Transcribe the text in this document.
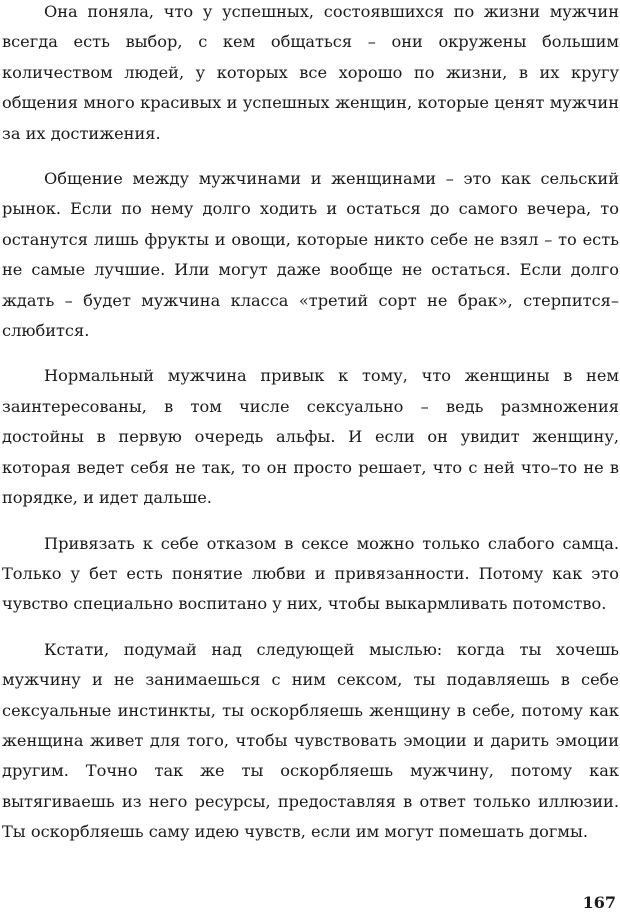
Она поняла, что у успешных, состоявшихся по жизни мужчин всегда есть выбор, с кем общаться – они окружены большим количеством людей, у которых все хорошо по жизни, в их кругу общения много красивых и успешных женщин, которые ценят мужчин за их достижения.

Общение между мужчинами и женщинами – это как сельский рынок. Если по нему долго ходить и остаться до самого вечера, то останутся лишь фрукты и овощи, которые никто себе не взял – то есть не самые лучшие. Или могут даже вообще не остаться. Если долго ждать – будет мужчина класса «третий сорт не брак», стерпится–слюбится.

Нормальный мужчина привык к тому, что женщины в нем заинтересованы, в том числе сексуально – ведь размножения достойны в первую очередь альфы. И если он увидит женщину, которая ведет себя не так, то он просто решает, что с ней что–то не в порядке, и идет дальше.

Привязать к себе отказом в сексе можно только слабого самца. Только у бет есть понятие любви и привязанности. Потому как это чувство специально воспитано у них, чтобы выкармливать потомство.

Кстати, подумай над следующей мыслью: когда ты хочешь мужчину и не занимаешься с ним сексом, ты подавляешь в себе сексуальные инстинкты, ты оскорбляешь женщину в себе, потому как женщина живет для того, чтобы чувствовать эмоции и дарить эмоции другим. Точно так же ты оскорбляешь мужчину, потому как вытягиваешь из него ресурсы, предоставляя в ответ только иллюзии. Ты оскорбляешь саму идею чувств, если им могут помешать догмы.

167
